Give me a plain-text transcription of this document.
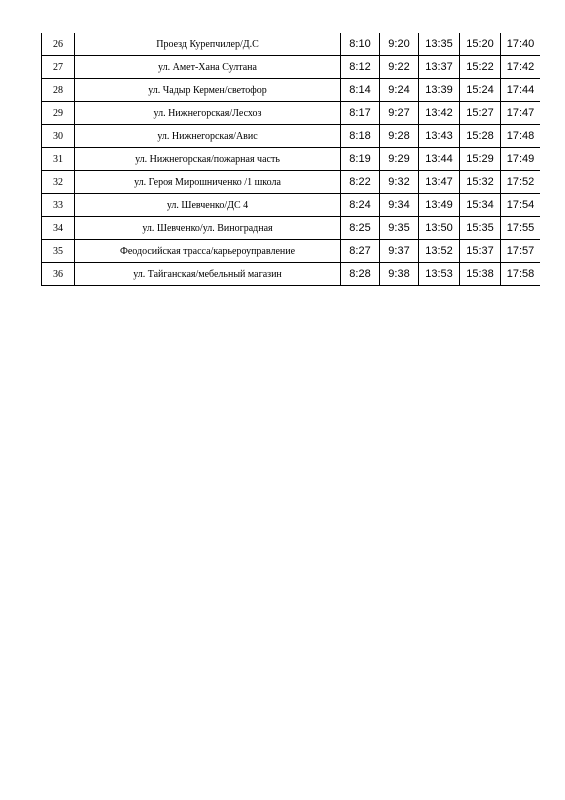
26	Проезд Курепчилер/Д.С	8:10	9:20	13:35	15:20	17:40
27	ул. Амет-Хана Султана	8:12	9:22	13:37	15:22	17:42
28	ул. Чадыр Кермен/светофор	8:14	9:24	13:39	15:24	17:44
29	ул. Нижнегорская/Лесхоз	8:17	9:27	13:42	15:27	17:47
30	ул. Нижнегорская/Авис	8:18	9:28	13:43	15:28	17:48
31	ул. Нижнегорская/пожарная часть	8:19	9:29	13:44	15:29	17:49
32	ул. Героя Мирошниченко /1 школа	8:22	9:32	13:47	15:32	17:52
33	ул. Шевченко/ДС 4	8:24	9:34	13:49	15:34	17:54
34	ул. Шевченко/ул. Виноградная	8:25	9:35	13:50	15:35	17:55
35	Феодосийская трасса/карьероуправление	8:27	9:37	13:52	15:37	17:57
36	ул. Тайганская/мебельный магазин	8:28	9:38	13:53	15:38	17:58
